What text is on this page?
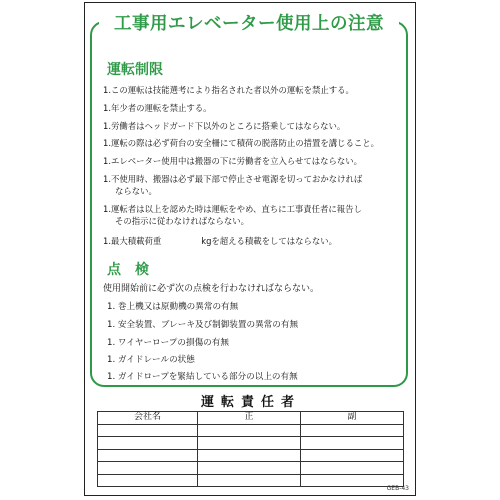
工事用エレベーター使用上の注意
運転制限
1.この運転は技能選考により指名された者以外の運転を禁止する。
1.年少者の運転を禁止する。
1.労働者はヘッドガード下以外のところに搭乗してはならない。
1.運転の際は必ず荷台の安全柵にて積荷の脱落防止の措置を講じること。
1.エレベーター使用中は搬器の下に労働者を立入らせてはならない。
1.不使用時、搬器は必ず最下部で停止させ電源を切っておかなければ
ならない。
1.運転者は以上を認めた時は運転をやめ、直ちに工事責任者に報告し
その指示に従わなければならない。
1.最大積載荷重	kgを超える積載をしてはならない。
点　検
使用開始前に必ず次の点検を行わなければならない。
1. 巻上機又は原動機の異常の有無
1. 安全装置、ブレーキ及び制御装置の異常の有無
1. ワイヤーロープの損傷の有無
1. ガイドレールの状態
1. ガイドロープを緊結している部分の以上の有無
運転責任者
会社名	正	副

GEB-43
